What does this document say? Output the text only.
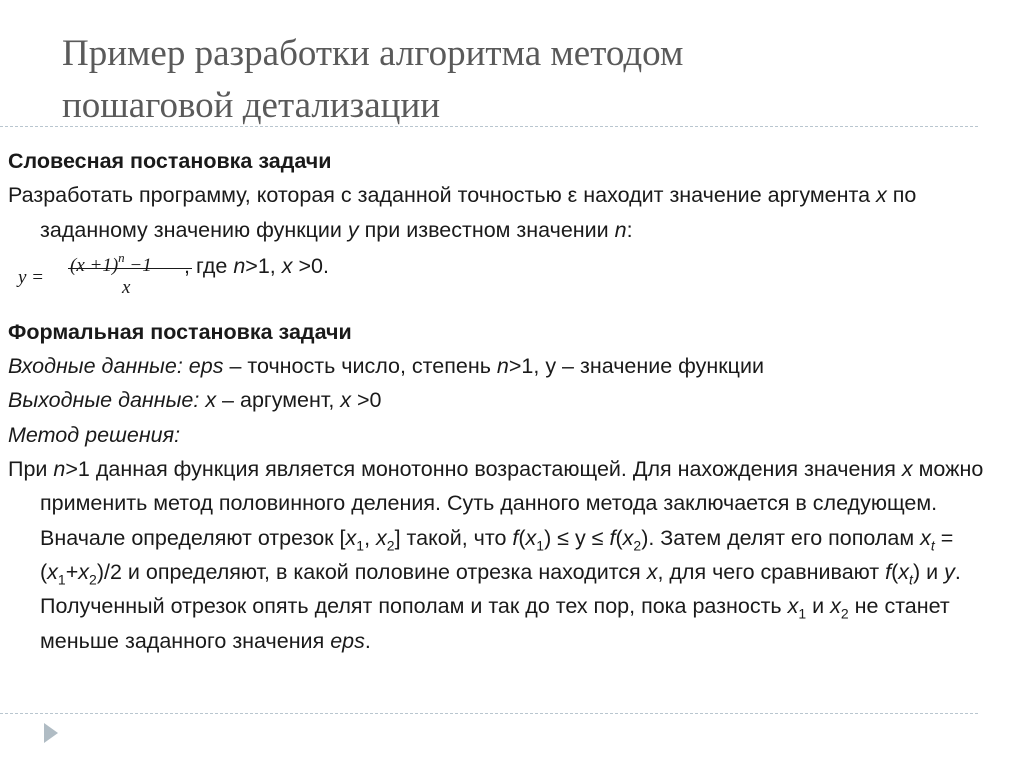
Пример разработки алгоритма методом
пошаговой детализации

Словесная постановка задачи

Разработать программу, которая с заданной точностью ε находит значение аргумента x по заданному значению функции y при известном значении n:

y =
$(x +1)^n -1$
x
, где n>1, x >0.

Формальная постановка задачи

Входные данные: eps – точность число, степень n>1, y – значение функции

Выходные данные: x – аргумент, x >0

Метод решения:

При n>1 данная функция является монотонно возрастающей. Для нахождения значения x можно применить метод половинного деления. Суть данного метода заключается в следующем. Вначале определяют отрезок [$x_1$, $x_2$] такой, что $f(x_1) \le y \le f(x_2)$. Затем делят его пополам $x_t = (x_1+x_2)/2$ и определяют, в какой половине отрезка находится x, для чего сравнивают $f(x_t)$ и y. Полученный отрезок опять делят пополам и так до тех пор, пока разность $x_1$ и $x_2$ не станет меньше заданного значения eps.
